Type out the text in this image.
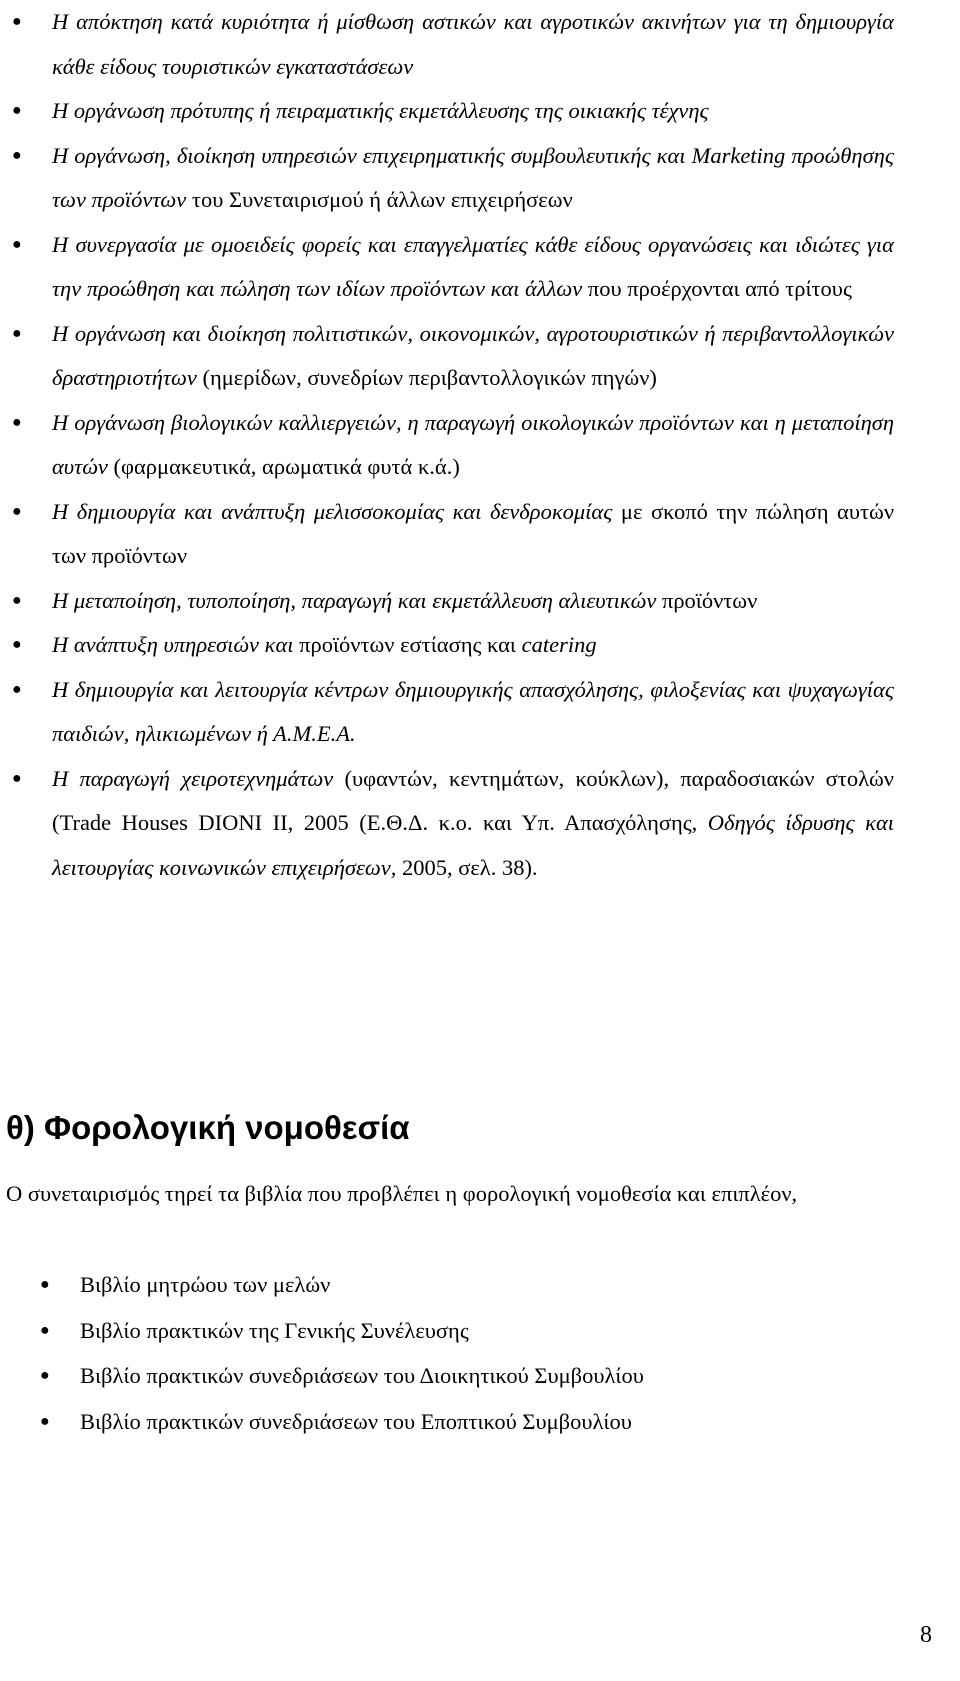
● Η απόκτηση κατά κυριότητα ή μίσθωση αστικών και αγροτικών ακινήτων για τη δημιουργία κάθε είδους τουριστικών εγκαταστάσεων
● Η οργάνωση πρότυπης ή πειραματικής εκμετάλλευσης της οικιακής τέχνης
● Η οργάνωση, διοίκηση υπηρεσιών επιχειρηματικής συμβουλευτικής και Marketing προώθησης των προϊόντων του Συνεταιρισμού ή άλλων επιχειρήσεων
● Η συνεργασία με ομοειδείς φορείς και επαγγελματίες κάθε είδους οργανώσεις και ιδιώτες για την προώθηση και πώληση των ιδίων προϊόντων και άλλων που προέρχονται από τρίτους
● Η οργάνωση και διοίκηση πολιτιστικών, οικονομικών, αγροτουριστικών ή περιβαντολλογικών δραστηριοτήτων (ημερίδων, συνεδρίων περιβαντολλογικών πηγών)
● Η οργάνωση βιολογικών καλλιεργειών, η παραγωγή οικολογικών προϊόντων και η μεταποίηση αυτών (φαρμακευτικά, αρωματικά φυτά κ.ά.)
● Η δημιουργία και ανάπτυξη μελισσοκομίας και δενδροκομίας με σκοπό την πώληση αυτών των προϊόντων
● Η μεταποίηση, τυποποίηση, παραγωγή και εκμετάλλευση αλιευτικών προϊόντων
● Η ανάπτυξη υπηρεσιών και προϊόντων εστίασης και catering
● Η δημιουργία και λειτουργία κέντρων δημιουργικής απασχόλησης, φιλοξενίας και ψυχαγωγίας παιδιών, ηλικιωμένων ή Α.Μ.Ε.Α.
● Η παραγωγή χειροτεχνημάτων (υφαντών, κεντημάτων, κούκλων), παραδοσιακών στολών (Trade Houses DIONI II, 2005 (Ε.Θ.Δ. κ.ο. και Υπ. Απασχόλησης, Οδηγός ίδρυσης και λειτουργίας κοινωνικών επιχειρήσεων, 2005, σελ. 38).
θ) Φορολογική νομοθεσία

Ο συνεταιρισμός τηρεί τα βιβλία που προβλέπει η φορολογική νομοθεσία και επιπλέον,

● Βιβλίο μητρώου των μελών
● Βιβλίο πρακτικών της Γενικής Συνέλευσης
● Βιβλίο πρακτικών συνεδριάσεων του Διοικητικού Συμβουλίου
● Βιβλίο πρακτικών συνεδριάσεων του Εποπτικού Συμβουλίου
8
